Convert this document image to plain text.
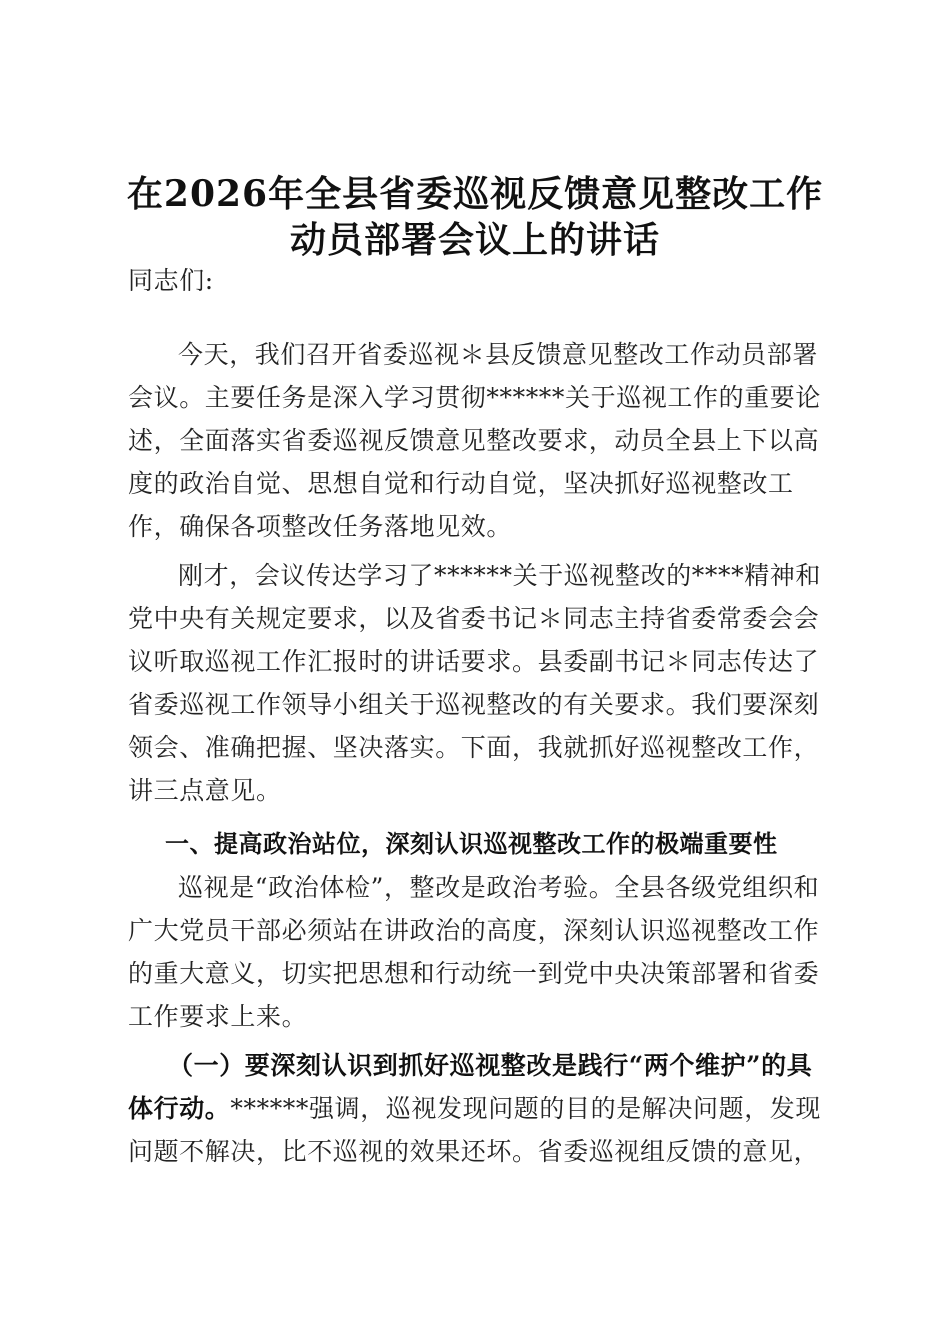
在2026年全县省委巡视反馈意见整改工作
动员部署会议上的讲话
同志们:
今天，我们召开省委巡视＊县反馈意见整改工作动员部署会议。主要任务是深入学习贯彻******关于巡视工作的重要论述，全面落实省委巡视反馈意见整改要求，动员全县上下以高度的政治自觉、思想自觉和行动自觉，坚决抓好巡视整改工作，确保各项整改任务落地见效。
刚才，会议传达学习了******关于巡视整改的****精神和党中央有关规定要求，以及省委书记＊同志主持省委常委会会议听取巡视工作汇报时的讲话要求。县委副书记＊同志传达了省委巡视工作领导小组关于巡视整改的有关要求。我们要深刻领会、准确把握、坚决落实。下面，我就抓好巡视整改工作，讲三点意见。
一、提高政治站位，深刻认识巡视整改工作的极端重要性
巡视是“政治体检”，整改是政治考验。全县各级党组织和广大党员干部必须站在讲政治的高度，深刻认识巡视整改工作的重大意义，切实把思想和行动统一到党中央决策部署和省委工作要求上来。
（一）要深刻认识到抓好巡视整改是践行“两个维护”的具体行动。******强调，巡视发现问题的目的是解决问题，发现问题不解决，比不巡视的效果还坏。省委巡视组反馈的意见，
